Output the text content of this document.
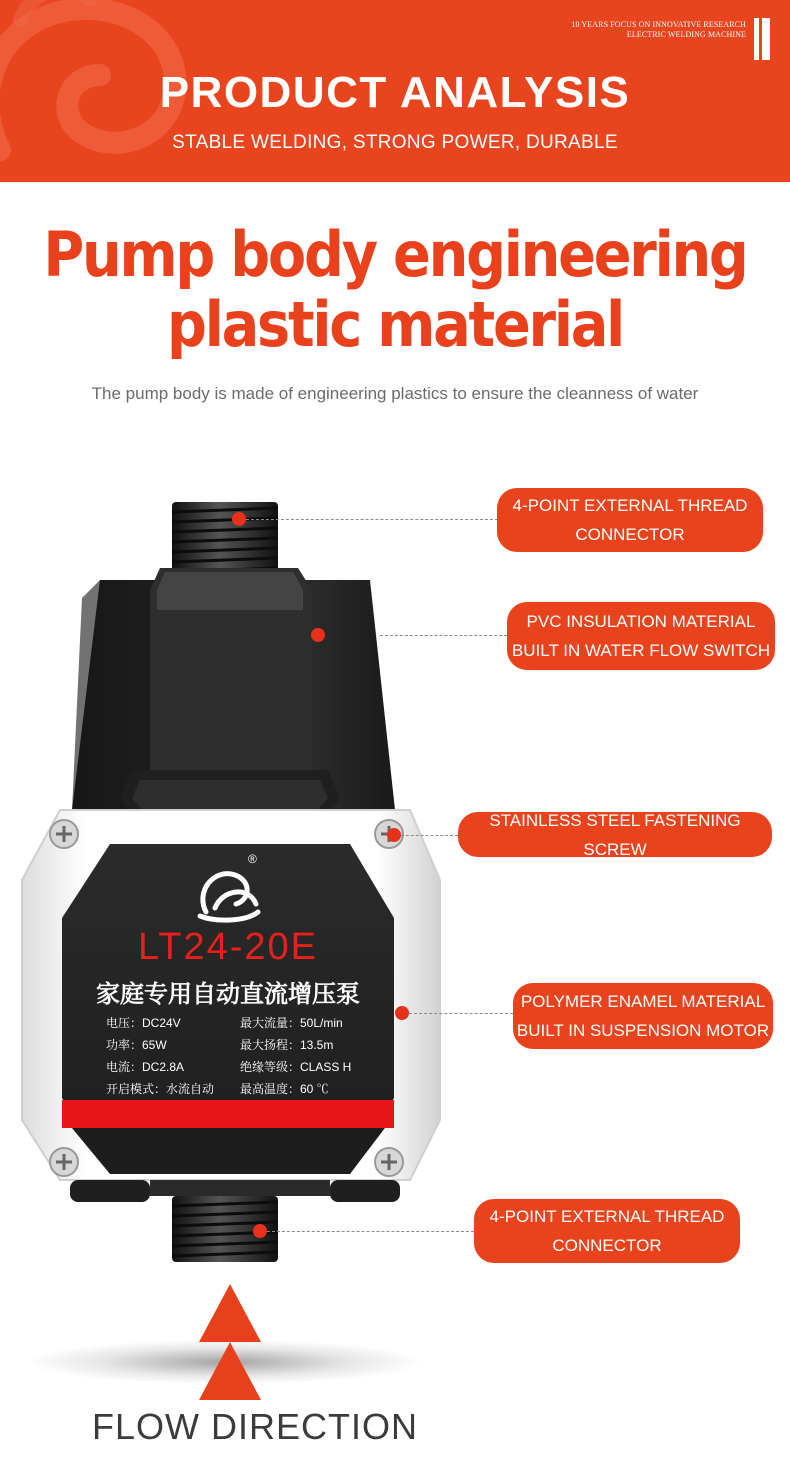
10 YEARS FOCUS ON INNOVATIVE RESEARCH
ELECTRIC WELDING MACHINE
PRODUCT ANALYSIS
STABLE WELDING, STRONG POWER, DURABLE
Pump body engineering
plastic material
The pump body is made of engineering plastics to ensure the cleanness of water
®
LT24-20E
家庭专用自动直流增压泵
电压：DC24V	最大流量：50L/min
功率：65W	最大扬程：13.5m
电流：DC2.8A	绝缘等级：CLASS H
开启模式：水流自动	最高温度：60 ℃
4-POINT EXTERNAL THREAD
CONNECTOR
PVC INSULATION MATERIAL
BUILT IN WATER FLOW SWITCH
STAINLESS STEEL FASTENING SCREW
POLYMER ENAMEL MATERIAL
BUILT IN SUSPENSION MOTOR
4-POINT EXTERNAL THREAD
CONNECTOR
FLOW DIRECTION
